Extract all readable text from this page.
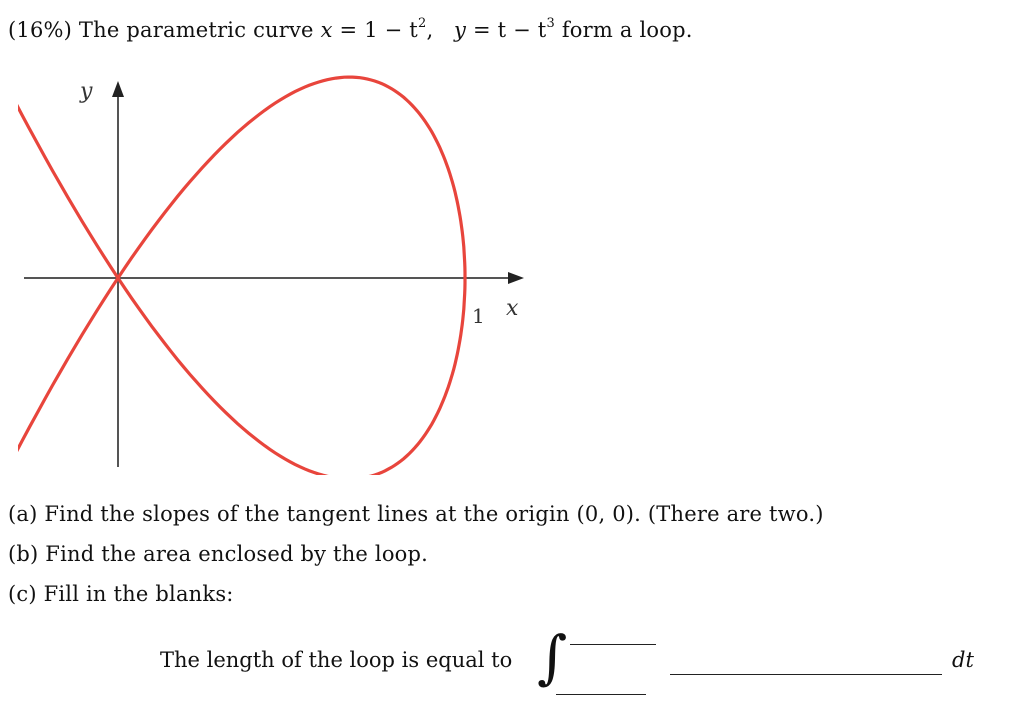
(16%) The parametric curve $x = 1 - t^2$, $y = t - t^3$ form a loop.
y
1 x
(a) Find the slopes of the tangent lines at the origin (0, 0). (There are two.)
(b) Find the area enclosed by the loop.
(c) Fill in the blanks:
The length of the loop is equal to ∫	dt
